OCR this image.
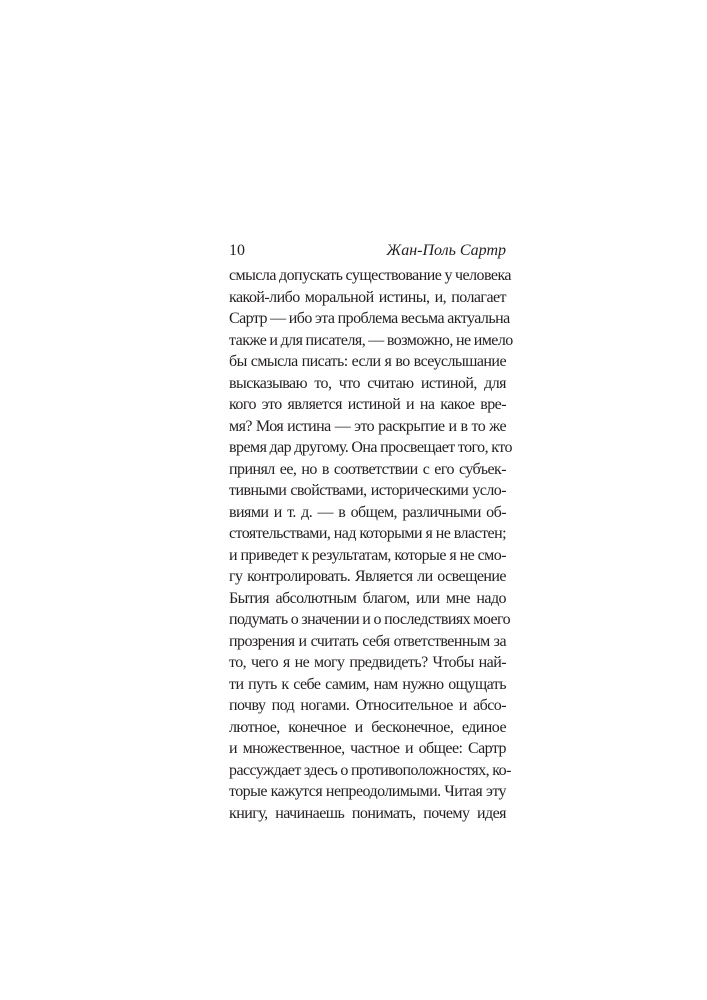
10	Жан-Поль Сартр
смысла допускать существование у человека
какой-либо моральной истины, и, полагает
Сартр — ибо эта проблема весьма актуальна
также и для писателя, — возможно, не имело
бы смысла писать: если я во всеуслышание
высказываю то, что считаю истиной, для
кого это является истиной и на какое вре-
мя? Моя истина — это раскрытие и в то же
время дар другому. Она просвещает того, кто
принял ее, но в соответствии с его субъек-
тивными свойствами, историческими усло-
виями и т. д. — в общем, различными об-
стоятельствами, над которыми я не властен;
и приведет к результатам, которые я не смо-
гу контролировать. Является ли освещение
Бытия абсолютным благом, или мне надо
подумать о значении и о последствиях моего
прозрения и считать себя ответственным за
то, чего я не могу предвидеть? Чтобы най-
ти путь к себе самим, нам нужно ощущать
почву под ногами. Относительное и абсо-
лютное, конечное и бесконечное, единое
и множественное, частное и общее: Сартр
рассуждает здесь о противоположностях, ко-
торые кажутся непреодолимыми. Читая эту
книгу, начинаешь понимать, почему идея
